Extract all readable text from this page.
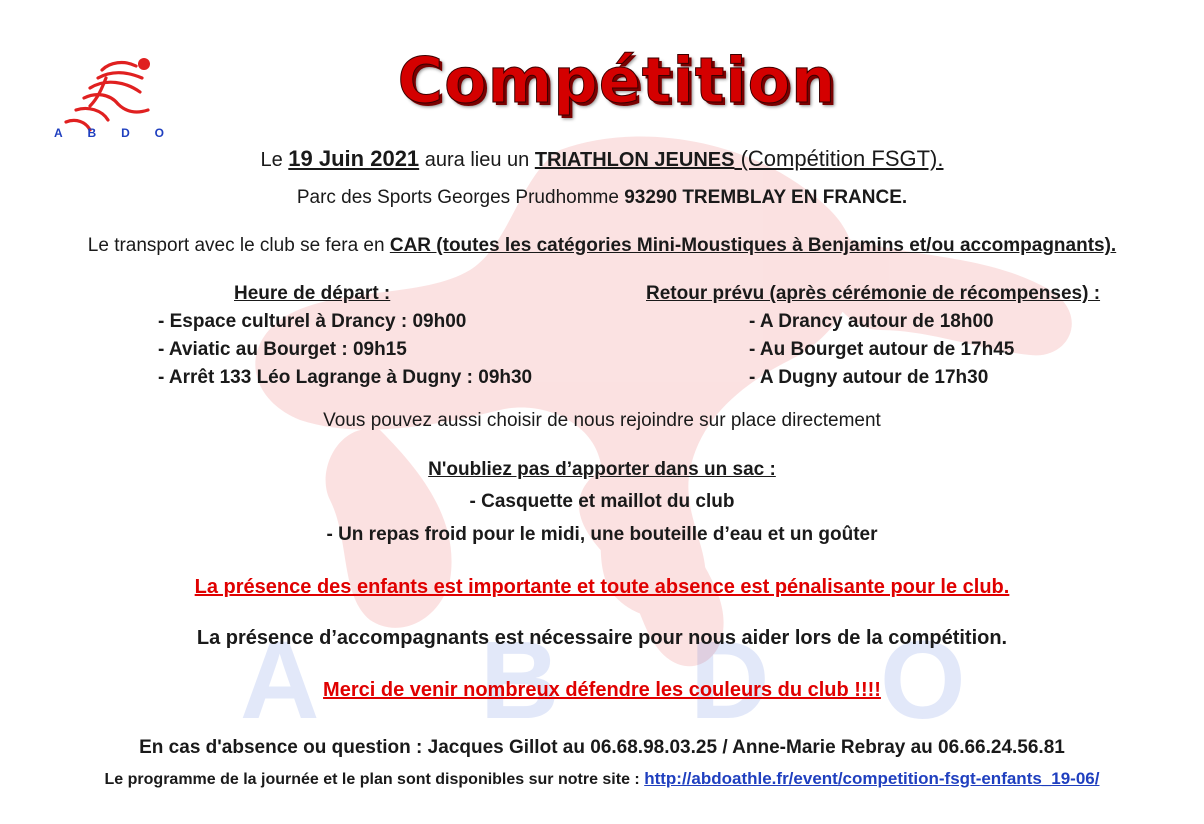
A B D O
A B D O
Compétition
Le 19 Juin 2021 aura lieu un TRIATHLON JEUNES (Compétition FSGT).
Parc des Sports Georges Prudhomme 93290 TREMBLAY EN FRANCE.
Le transport avec le club se fera en CAR (toutes les catégories Mini-Moustiques à Benjamins et/ou accompagnants).
Heure de départ :
- Espace culturel à Drancy : 09h00
- Aviatic au Bourget : 09h15
- Arrêt 133 Léo Lagrange à Dugny : 09h30
Retour prévu (après cérémonie de récompenses) :
- A Drancy autour de 18h00
- Au Bourget autour de 17h45
- A Dugny autour de 17h30
Vous pouvez aussi choisir de nous rejoindre sur place directement
N'oubliez pas d’apporter dans un sac :
- Casquette et maillot du club
- Un repas froid pour le midi, une bouteille d’eau et un goûter
La présence des enfants est importante et toute absence est pénalisante pour le club.
La présence d’accompagnants est nécessaire pour nous aider lors de la compétition.
Merci de venir nombreux défendre les couleurs du club !!!!
En cas d'absence ou question : Jacques Gillot au 06.68.98.03.25 / Anne-Marie Rebray au 06.66.24.56.81
Le programme de la journée et le plan sont disponibles sur notre site : http://abdoathle.fr/event/competition-fsgt-enfants_19-06/
